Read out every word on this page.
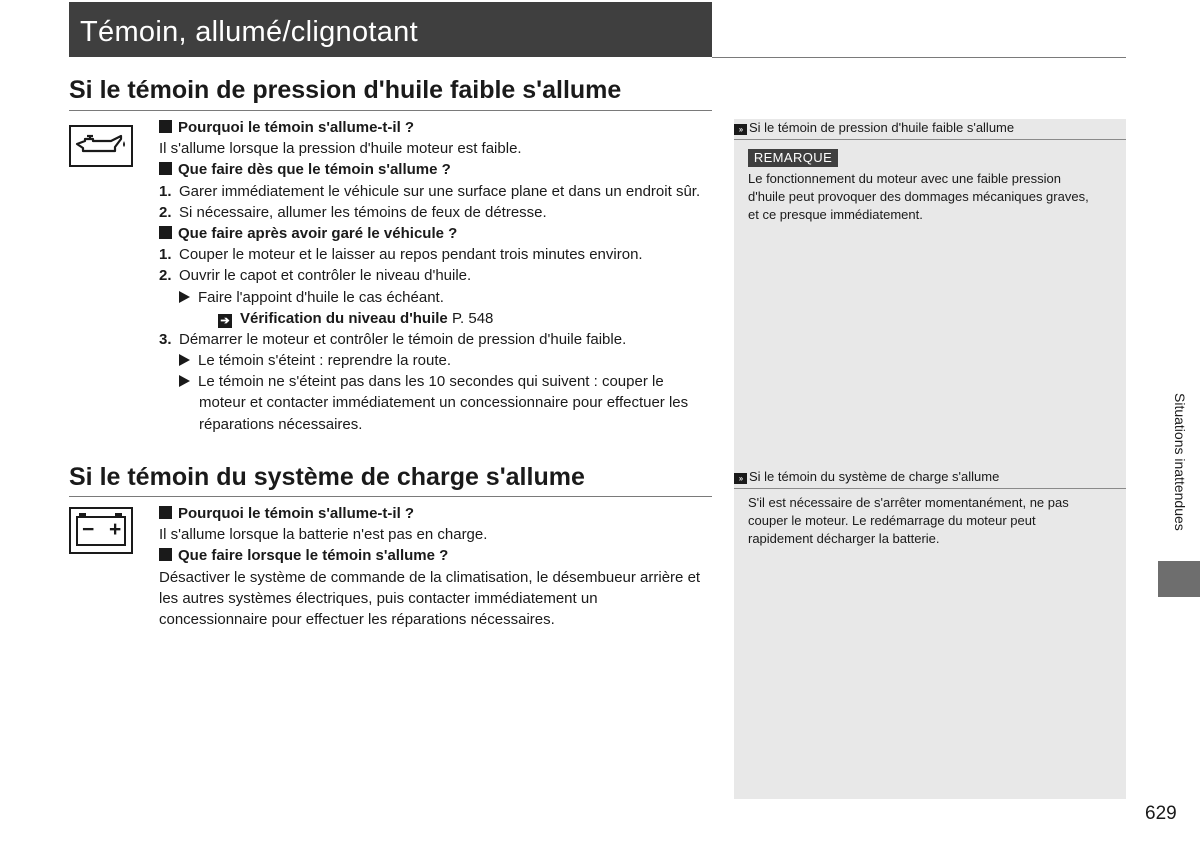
Témoin, allumé/clignotant
Si le témoin de pression d'huile faible s'allume
Pourquoi le témoin s'allume-t-il ?
Il s'allume lorsque la pression d'huile moteur est faible.
Que faire dès que le témoin s'allume ?
1. Garer immédiatement le véhicule sur une surface plane et dans un endroit sûr.
2. Si nécessaire, allumer les témoins de feux de détresse.
Que faire après avoir garé le véhicule ?
1. Couper le moteur et le laisser au repos pendant trois minutes environ.
2. Ouvrir le capot et contrôler le niveau d'huile.
Faire l'appoint d'huile le cas échéant.
➔ Vérification du niveau d'huile P. 548
3. Démarrer le moteur et contrôler le témoin de pression d'huile faible.
Le témoin s'éteint : reprendre la route.
Le témoin ne s'éteint pas dans les 10 secondes qui suivent : couper le
moteur et contacter immédiatement un concessionnaire pour effectuer les
réparations nécessaires.
Si le témoin du système de charge s'allume
− +
Pourquoi le témoin s'allume-t-il ?
Il s'allume lorsque la batterie n'est pas en charge.
Que faire lorsque le témoin s'allume ?
Désactiver le système de commande de la climatisation, le désembueur arrière et
les autres systèmes électriques, puis contacter immédiatement un
concessionnaire pour effectuer les réparations nécessaires.
» Si le témoin de pression d'huile faible s'allume
REMARQUE
Le fonctionnement du moteur avec une faible pression
d'huile peut provoquer des dommages mécaniques graves,
et ce presque immédiatement.
» Si le témoin du système de charge s'allume
S'il est nécessaire de s'arrêter momentanément, ne pas
couper le moteur. Le redémarrage du moteur peut
rapidement décharger la batterie.
Situations inattendues
629
